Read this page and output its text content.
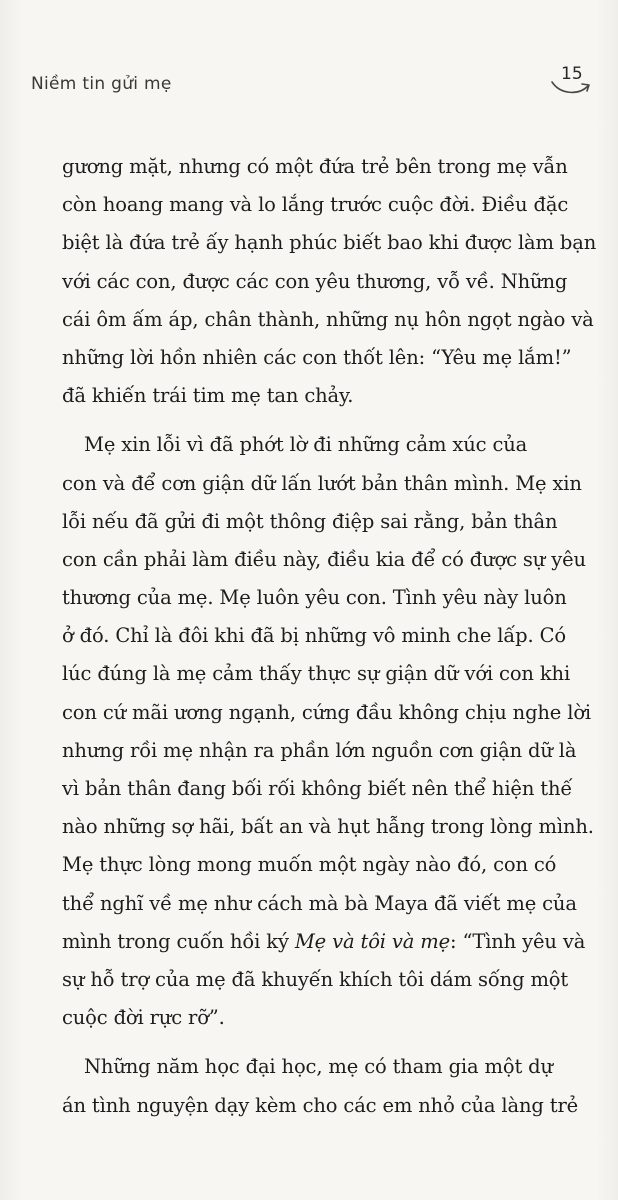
Niềm tin gửi mẹ	15
gương mặt, nhưng có một đứa trẻ bên trong mẹ vẫn
còn hoang mang và lo lắng trước cuộc đời. Điều đặc
biệt là đứa trẻ ấy hạnh phúc biết bao khi được làm bạn
với các con, được các con yêu thương, vỗ về. Những
cái ôm ấm áp, chân thành, những nụ hôn ngọt ngào và
những lời hồn nhiên các con thốt lên: “Yêu mẹ lắm!”
đã khiến trái tim mẹ tan chảy.
Mẹ xin lỗi vì đã phớt lờ đi những cảm xúc của
con và để cơn giận dữ lấn lướt bản thân mình. Mẹ xin
lỗi nếu đã gửi đi một thông điệp sai rằng, bản thân
con cần phải làm điều này, điều kia để có được sự yêu
thương của mẹ. Mẹ luôn yêu con. Tình yêu này luôn
ở đó. Chỉ là đôi khi đã bị những vô minh che lấp. Có
lúc đúng là mẹ cảm thấy thực sự giận dữ với con khi
con cứ mãi ương ngạnh, cứng đầu không chịu nghe lời
nhưng rồi mẹ nhận ra phần lớn nguồn cơn giận dữ là
vì bản thân đang bối rối không biết nên thể hiện thế
nào những sợ hãi, bất an và hụt hẫng trong lòng mình.
Mẹ thực lòng mong muốn một ngày nào đó, con có
thể nghĩ về mẹ như cách mà bà Maya đã viết mẹ của
mình trong cuốn hồi ký Mẹ và tôi và mẹ: “Tình yêu và
sự hỗ trợ của mẹ đã khuyến khích tôi dám sống một
cuộc đời rực rỡ”.
Những năm học đại học, mẹ có tham gia một dự
án tình nguyện dạy kèm cho các em nhỏ của làng trẻ
